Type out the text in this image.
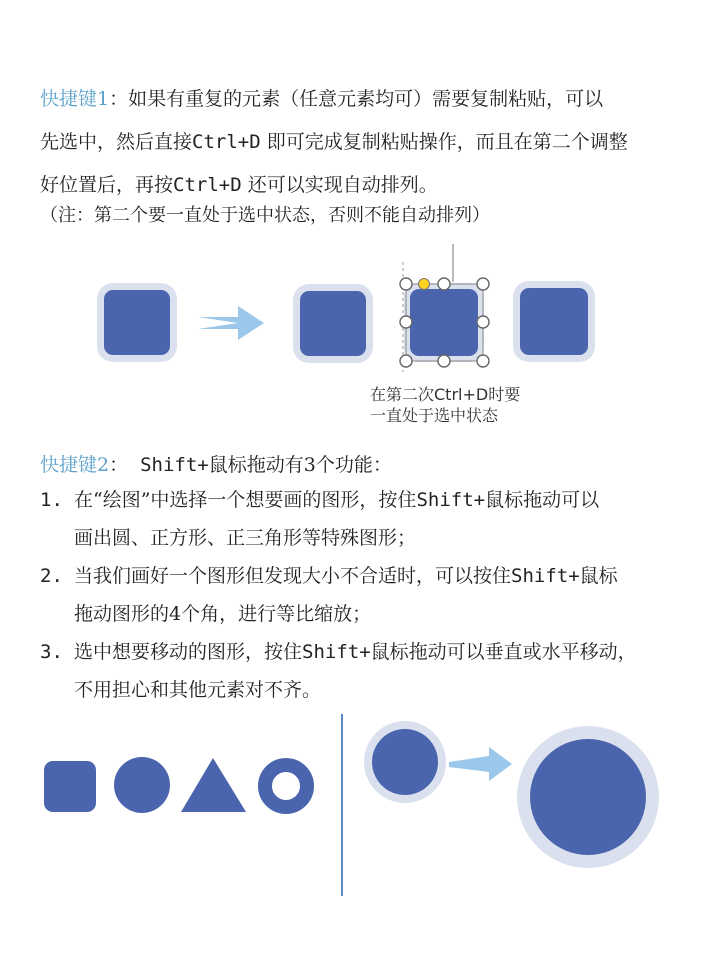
快捷键1：如果有重复的元素（任意元素均可）需要复制粘贴，可以
先选中，然后直接Ctrl+D 即可完成复制粘贴操作，而且在第二个调整
好位置后，再按Ctrl+D 还可以实现自动排列。
（注：第二个要一直处于选中状态，否则不能自动排列）
在第二次Ctrl+D时要
一直处于选中状态
快捷键2： Shift+鼠标拖动有3个功能：
1. 在“绘图”中选择一个想要画的图形，按住Shift+鼠标拖动可以
画出圆、正方形、正三角形等特殊图形；
2. 当我们画好一个图形但发现大小不合适时，可以按住Shift+鼠标
拖动图形的4个角，进行等比缩放；
3. 选中想要移动的图形，按住Shift+鼠标拖动可以垂直或水平移动，
不用担心和其他元素对不齐。
